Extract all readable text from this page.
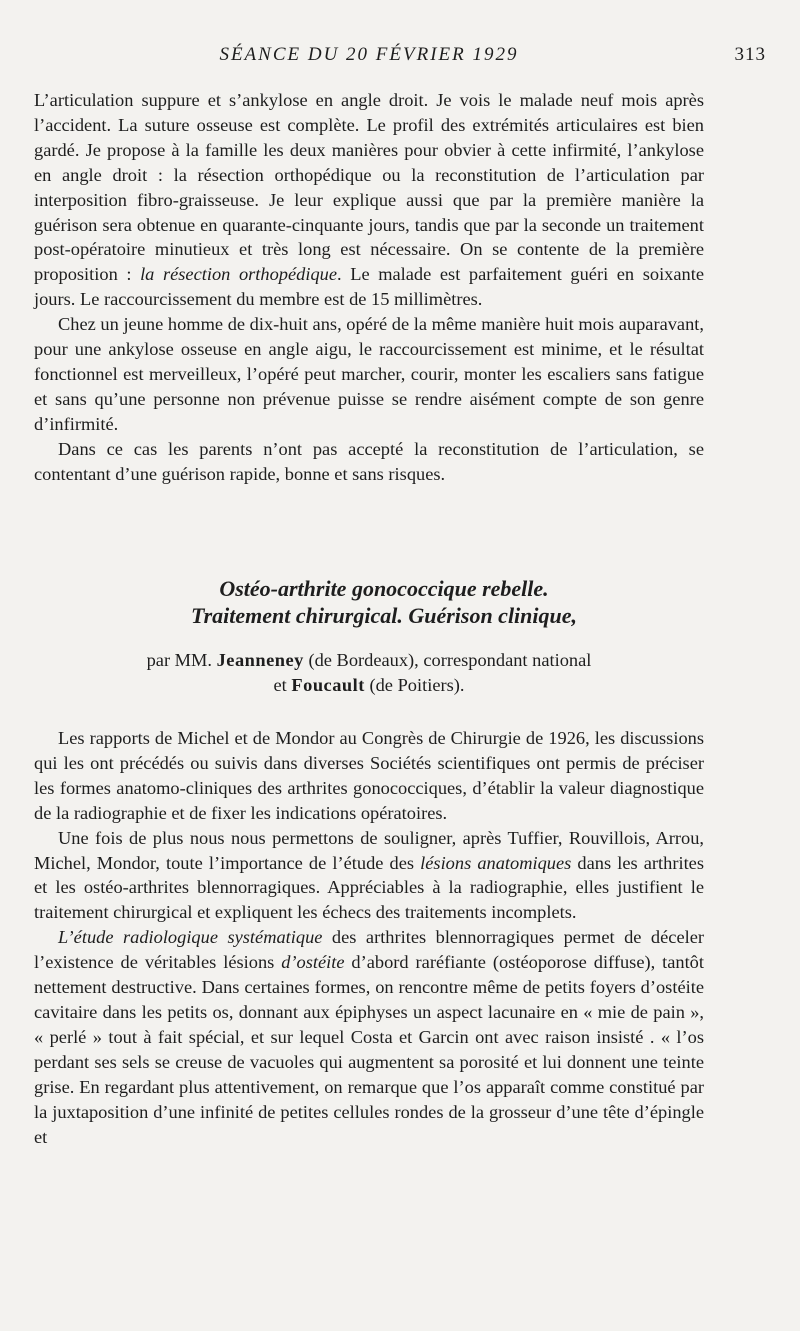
SÉANCE DU 20 FÉVRIER 1929	313

L’articulation suppure et s’ankylose en angle droit. Je vois le malade neuf mois après l’accident. La suture osseuse est complète. Le profil des extrémités articulaires est bien gardé. Je propose à la famille les deux manières pour obvier à cette infirmité, l’ankylose en angle droit : la résection orthopédique ou la reconstitution de l’articulation par interposition fibro-graisseuse. Je leur explique aussi que par la première manière la guérison sera obtenue en quarante-cinquante jours, tandis que par la seconde un traitement post-opératoire minutieux et très long est nécessaire. On se contente de la première proposition : la résection orthopédique. Le malade est parfaitement guéri en soixante jours. Le raccourcissement du membre est de 15 millimètres.

Chez un jeune homme de dix-huit ans, opéré de la même manière huit mois auparavant, pour une ankylose osseuse en angle aigu, le raccourcissement est minime, et le résultat fonctionnel est merveilleux, l’opéré peut marcher, courir, monter les escaliers sans fatigue et sans qu’une personne non prévenue puisse se rendre aisément compte de son genre d’infirmité.

Dans ce cas les parents n’ont pas accepté la reconstitution de l’articulation, se contentant d’une guérison rapide, bonne et sans risques.

Ostéo-arthrite gonococcique rebelle.
Traitement chirurgical. Guérison clinique,
par MM. Jeanneney (de Bordeaux), correspondant national
et Foucault (de Poitiers).

Les rapports de Michel et de Mondor au Congrès de Chirurgie de 1926, les discussions qui les ont précédés ou suivis dans diverses Sociétés scientifiques ont permis de préciser les formes anatomo-cliniques des arthrites gonococciques, d’établir la valeur diagnostique de la radiographie et de fixer les indications opératoires.

Une fois de plus nous nous permettons de souligner, après Tuffier, Rouvillois, Arrou, Michel, Mondor, toute l’importance de l’étude des lésions anatomiques dans les arthrites et les ostéo-arthrites blennorragiques. Appréciables à la radiographie, elles justifient le traitement chirurgical et expliquent les échecs des traitements incomplets.

L’étude radiologique systématique des arthrites blennorragiques permet de déceler l’existence de véritables lésions d’ostéite d’abord raréfiante (ostéoporose diffuse), tantôt nettement destructive. Dans certaines formes, on rencontre même de petits foyers d’ostéite cavitaire dans les petits os, donnant aux épiphyses un aspect lacunaire en « mie de pain », « perlé » tout à fait spécial, et sur lequel Costa et Garcin ont avec raison insisté . « l’os perdant ses sels se creuse de vacuoles qui augmentent sa porosité et lui donnent une teinte grise. En regardant plus attentivement, on remarque que l’os apparaît comme constitué par la juxtaposition d’une infinité de petites cellules rondes de la grosseur d’une tête d’épingle et
